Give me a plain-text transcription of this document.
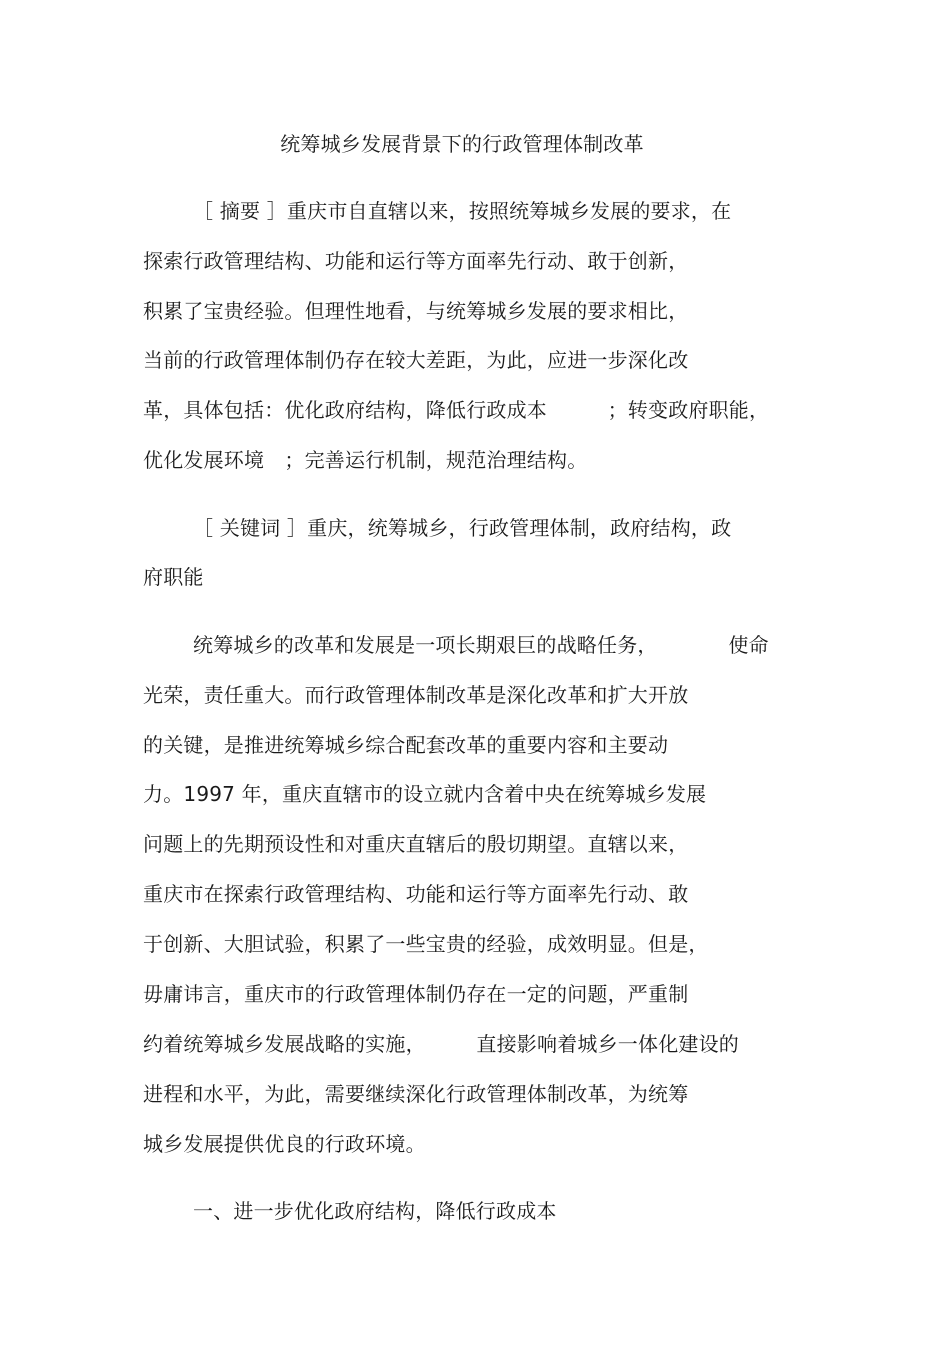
统筹城乡发展背景下的行政管理体制改革
［ 摘要 ］重庆市自直辖以来，按照统筹城乡发展的要求，在
探索行政管理结构、功能和运行等方面率先行动、敢于创新，
积累了宝贵经验。但理性地看，与统筹城乡发展的要求相比，
当前的行政管理体制仍存在较大差距，为此，应进一步深化改
革，具体包括：优化政府结构，降低行政成本　　　；转变政府职能，
优化发展环境　；完善运行机制，规范治理结构。
［ 关键词 ］重庆，统筹城乡，行政管理体制，政府结构，政
府职能
统筹城乡的改革和发展是一项长期艰巨的战略任务，　　　　使命
光荣，责任重大。而行政管理体制改革是深化改革和扩大开放
的关键，是推进统筹城乡综合配套改革的重要内容和主要动
力。1997 年，重庆直辖市的设立就内含着中央在统筹城乡发展
问题上的先期预设性和对重庆直辖后的殷切期望。直辖以来，
重庆市在探索行政管理结构、功能和运行等方面率先行动、敢
于创新、大胆试验，积累了一些宝贵的经验，成效明显。但是，
毋庸讳言，重庆市的行政管理体制仍存在一定的问题，严重制
约着统筹城乡发展战略的实施，　　　直接影响着城乡一体化建设的
进程和水平，为此，需要继续深化行政管理体制改革，为统筹
城乡发展提供优良的行政环境。
一、进一步优化政府结构，降低行政成本
